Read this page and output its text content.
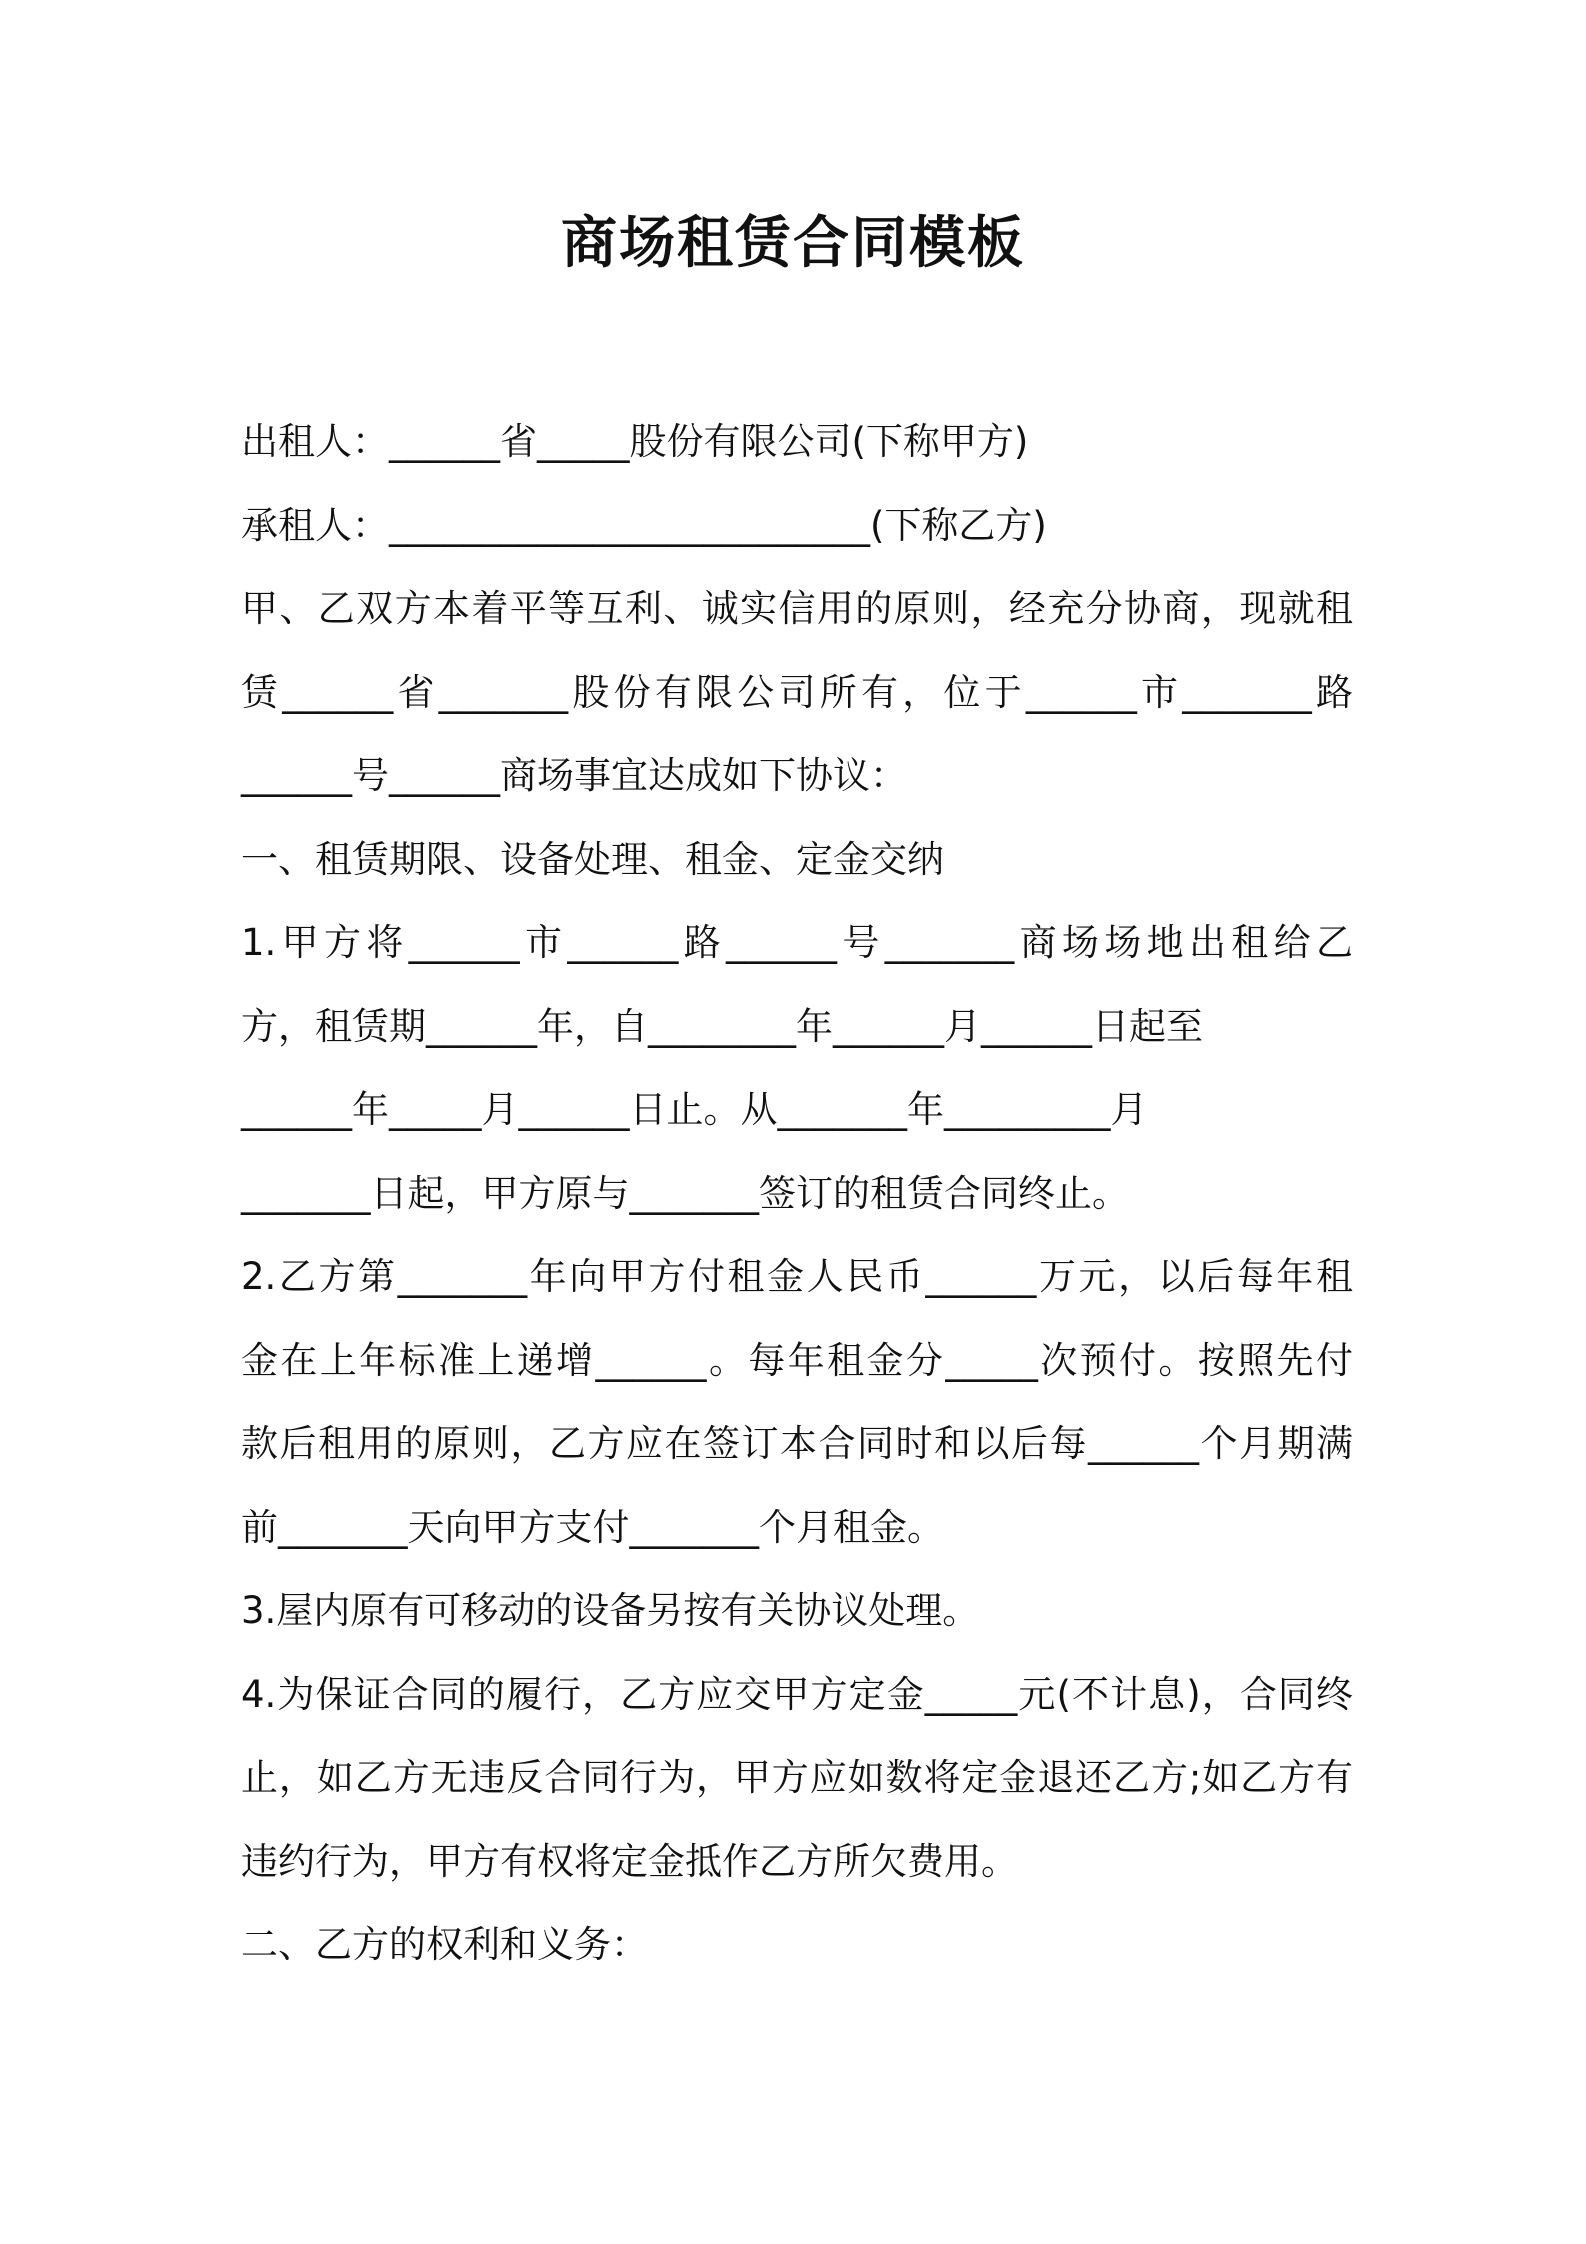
商场租赁合同模板
出租人：______省_____股份有限公司(下称甲方)
承租人：__________________________(下称乙方)
甲、乙双方本着平等互利、诚实信用的原则，经充分协商，现就租
赁______省_______股份有限公司所有，位于______市_______路
______号______商场事宜达成如下协议：
一、租赁期限、设备处理、租金、定金交纳
1.甲方将______市______路______号_______商场场地出租给乙
方，租赁期______年，自________年______月______日起至
______年_____月______日止。从_______年_________月
_______日起，甲方原与_______签订的租赁合同终止。
2.乙方第_______年向甲方付租金人民币______万元，以后每年租
金在上年标准上递增______。每年租金分_____次预付。按照先付
款后租用的原则，乙方应在签订本合同时和以后每______个月期满
前_______天向甲方支付_______个月租金。
3.屋内原有可移动的设备另按有关协议处理。
4.为保证合同的履行，乙方应交甲方定金_____元(不计息)，合同终
止，如乙方无违反合同行为，甲方应如数将定金退还乙方;如乙方有
违约行为，甲方有权将定金抵作乙方所欠费用。
二、乙方的权利和义务：
